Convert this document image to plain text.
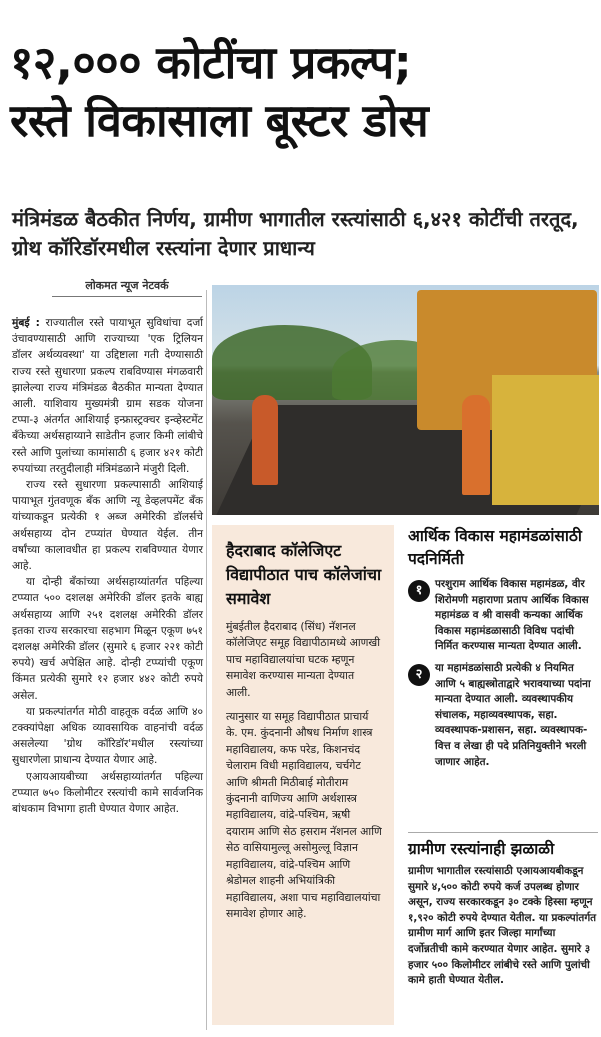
१२,००० कोटींचा प्रकल्प;
रस्ते विकासाला बूस्टर डोस
मंत्रिमंडळ बैठकीत निर्णय, ग्रामीण भागातील रस्त्यांसाठी ६,४२१ कोटींची तरतूद, ग्रोथ कॉरिडॉरमधील रस्त्यांना देणार प्राधान्य
लोकमत न्यूज नेटवर्क

मुंबई : राज्यातील रस्ते पायाभूत सुविधांचा दर्जा उंचावण्यासाठी आणि राज्याच्या 'एक ट्रिलियन डॉलर अर्थव्यवस्था' या उद्दिष्टाला गती देण्यासाठी राज्य रस्ते सुधारणा प्रकल्प राबविण्यास मंगळवारी झालेल्या राज्य मंत्रिमंडळ बैठकीत मान्यता देण्यात आली. याशिवाय मुख्यमंत्री ग्राम सडक योजना टप्पा-३ अंतर्गत आशियाई इन्फ्रास्ट्रक्चर इन्व्हेस्टमेंट बँकेच्या अर्थसहाय्याने साडेतीन हजार किमी लांबीचे रस्ते आणि पुलांच्या कामांसाठी ६ हजार ४२१ कोटी रुपयांच्या तरतुदीलाही मंत्रिमंडळाने मंजुरी दिली.

राज्य रस्ते सुधारणा प्रकल्पासाठी आशियाई पायाभूत गुंतवणूक बँक आणि न्यू डेव्हलपमेंट बँक यांच्याकडून प्रत्येकी १ अब्ज अमेरिकी डॉलर्सचे अर्थसहाय्य दोन टप्प्यांत घेण्यात येईल. तीन वर्षांच्या कालावधीत हा प्रकल्प राबविण्यात येणार आहे.

या दोन्ही बँकांच्या अर्थसहाय्यांतर्गत पहिल्या टप्प्यात ५०० दशलक्ष अमेरिकी डॉलर इतके बाह्य अर्थसहाय्य आणि २५१ दशलक्ष अमेरिकी डॉलर इतका राज्य सरकारचा सहभाग मिळून एकूण ७५१ दशलक्ष अमेरिकी डॉलर (सुमारे ६ हजार २२१ कोटी रुपये) खर्च अपेक्षित आहे. दोन्ही टप्प्यांची एकूण किंमत प्रत्येकी सुमारे १२ हजार ४४२ कोटी रुपये असेल.

या प्रकल्पांतर्गत मोठी वाहतूक वर्दळ आणि ४० टक्क्यांपेक्षा अधिक व्यावसायिक वाहनांची वर्दळ असलेल्या 'ग्रोथ कॉरिडॉर'मधील रस्त्यांच्या सुधारणेला प्राधान्य देण्यात येणार आहे.

एआयआयबीच्या अर्थसहाय्यांतर्गत पहिल्या टप्प्यात ७५० किलोमीटर रस्त्यांची कामे सार्वजनिक बांधकाम विभागा हाती घेण्यात येणार आहेत.

हैदराबाद कॉलेजिएट विद्यापीठात पाच कॉलेजांचा समावेश

मुंबईतील हैदराबाद (सिंध) नॅशनल कॉलेजिएट समूह विद्यापीठामध्ये आणखी पाच महाविद्यालयांचा घटक म्हणून समावेश करण्यास मान्यता देण्यात आली.

त्यानुसार या समूह विद्यापीठात प्राचार्य के. एम. कुंदनानी औषध निर्माण शास्त्र महाविद्यालय, कफ परेड, किशनचंद चेलाराम विधी महाविद्यालय, चर्चगेट आणि श्रीमती मिठीबाई मोतीराम कुंदनानी वाणिज्य आणि अर्थशास्त्र महाविद्यालय, वांद्रे-पश्चिम, ऋषी दयाराम आणि सेठ हसराम नॅशनल आणि सेठ वासियामुल्लू असोमुल्लू विज्ञान महाविद्यालय, वांद्रे-पश्चिम आणि श्रेडोमल शाहनी अभियांत्रिकी महाविद्यालय, अशा पाच महाविद्यालयांचा समावेश होणार आहे.

आर्थिक विकास महामंडळांसाठी पदनिर्मिती
१	परशुराम आर्थिक विकास महामंडळ, वीर शिरोमणी महाराणा प्रताप आर्थिक विकास महामंडळ व श्री वासवी कन्यका आर्थिक विकास महामंडळासाठी विविध पदांची निर्मित करण्यास मान्यता देण्यात आली.
२	या महामंडळांसाठी प्रत्येकी ४ नियमित आणि ५ बाह्यस्त्रोताद्वारे भरावयाच्या पदांना मान्यता देण्यात आली. व्यवस्थापकीय संचालक, महाव्यवस्थापक, सहा. व्यवस्थापक-प्रशासन, सहा. व्यवस्थापक-वित्त व लेखा ही पदे प्रतिनियुक्तीने भरली जाणार आहेत.
ग्रामीण रस्त्यांनाही झळाळी

ग्रामीण भागातील रस्त्यांसाठी एआयआयबीकडून सुमारे ४,५०० कोटी रुपये कर्ज उपलब्ध होणार असून, राज्य सरकारकडून ३० टक्के हिस्सा म्हणून १,९२० कोटी रुपये देण्यात येतील. या प्रकल्पांतर्गत ग्रामीण मार्ग आणि इतर जिल्हा मार्गांच्या दर्जोन्नतीची कामे करण्यात येणार आहेत. सुमारे ३ हजार ५०० किलोमीटर लांबीचे रस्ते आणि पुलांची कामे हाती घेण्यात येतील.
